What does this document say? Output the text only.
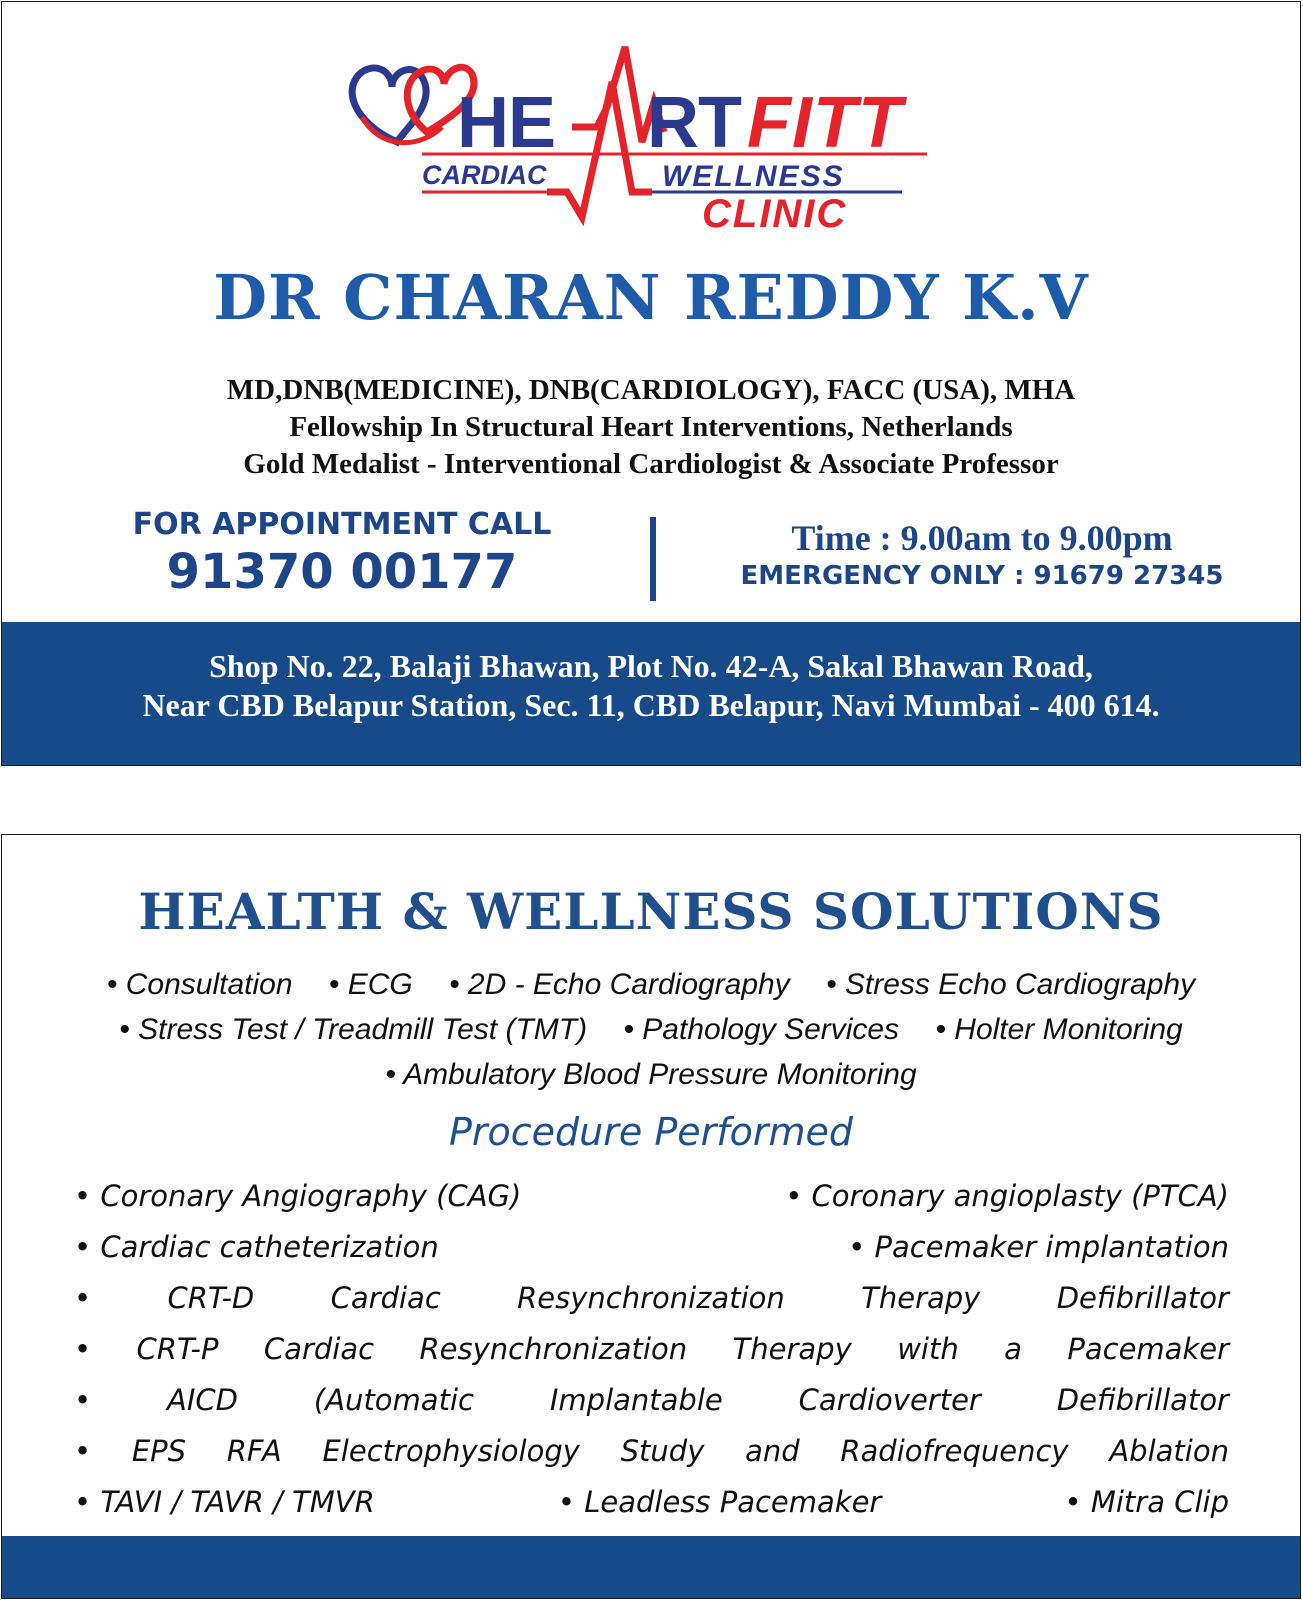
HE RT FITT
CARDIAC	WELLNESS
CLINIC
DR CHARAN REDDY K.V
MD,DNB(MEDICINE), DNB(CARDIOLOGY), FACC (USA), MHA
Fellowship In Structural Heart Interventions, Netherlands
Gold Medalist - Interventional Cardiologist & Associate Professor
FOR APPOINTMENT CALL
91370 00177
Time : 9.00am to 9.00pm
EMERGENCY ONLY : 91679 27345
Shop No. 22, Balaji Bhawan, Plot No. 42-A, Sakal Bhawan Road,
Near CBD Belapur Station, Sec. 11, CBD Belapur, Navi Mumbai - 400 614.
HEALTH & WELLNESS SOLUTIONS
• Consultation • ECG • 2D - Echo Cardiography • Stress Echo Cardiography
• Stress Test / Treadmill Test (TMT) • Pathology Services • Holter Monitoring
• Ambulatory Blood Pressure Monitoring
Procedure Performed
• Coronary Angiography (CAG)	• Coronary angioplasty (PTCA)
• Cardiac catheterization	• Pacemaker implantation
•	CRT-D	Cardiac	Resynchronization	Therapy	Defibrillator
• CRT-P Cardiac Resynchronization Therapy with a Pacemaker
•	AICD	(Automatic	Implantable	Cardioverter	Defibrillator
• EPS RFA Electrophysiology Study and Radiofrequency Ablation
• TAVI / TAVR / TMVR	• Leadless Pacemaker	• Mitra Clip
